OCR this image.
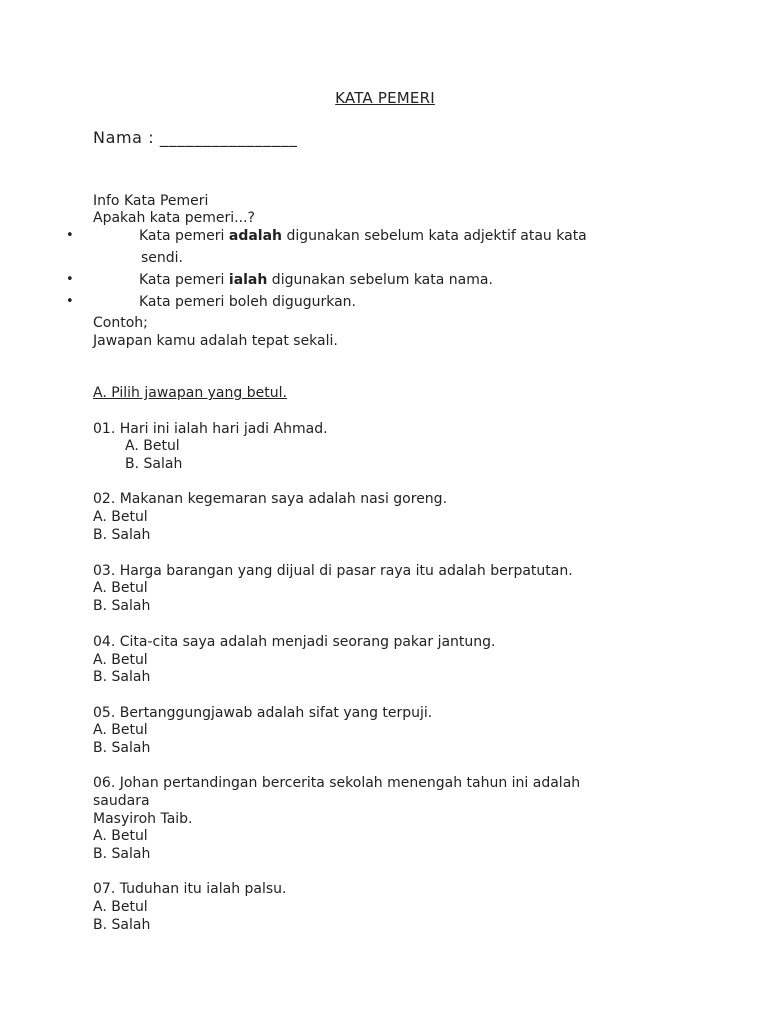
KATA PEMERI
Nama : ________________
Info Kata Pemeri
Apakah kata pemeri...?
•	Kata pemeri adalah digunakan sebelum kata adjektif atau kata
sendi.
•	Kata pemeri ialah digunakan sebelum kata nama.
•	Kata pemeri boleh digugurkan.
Contoh;
Jawapan kamu adalah tepat sekali.
A. Pilih jawapan yang betul.
01. Hari ini ialah hari jadi Ahmad.
A. Betul
B. Salah
02. Makanan kegemaran saya adalah nasi goreng.
A. Betul
B. Salah
03. Harga barangan yang dijual di pasar raya itu adalah berpatutan.
A. Betul
B. Salah
04. Cita-cita saya adalah menjadi seorang pakar jantung.
A. Betul
B. Salah
05. Bertanggungjawab adalah sifat yang terpuji.
A. Betul
B. Salah
06. Johan pertandingan bercerita sekolah menengah tahun ini adalah
saudara
Masyiroh Taib.
A. Betul
B. Salah
07. Tuduhan itu ialah palsu.
A. Betul
B. Salah
